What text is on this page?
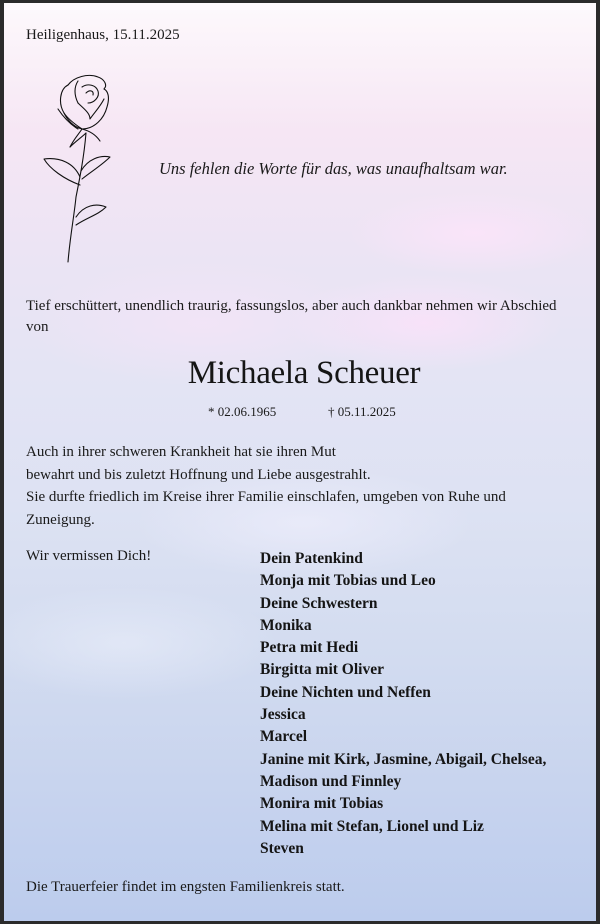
Heiligenhaus, 15.11.2025
Uns fehlen die Worte für das, was unaufhaltsam war.
Tief erschüttert, unendlich traurig, fassungslos, aber auch dankbar nehmen wir Abschied von
Michaela Scheuer
* 02.06.1965	† 05.11.2025
Auch in ihrer schweren Krankheit hat sie ihren Mut
bewahrt und bis zuletzt Hoffnung und Liebe ausgestrahlt.
Sie durfte friedlich im Kreise ihrer Familie einschlafen, umgeben von Ruhe und
Zuneigung.
Wir vermissen Dich!	Dein Patenkind
Monja mit Tobias und Leo
Deine Schwestern
Monika
Petra mit Hedi
Birgitta mit Oliver
Deine Nichten und Neffen
Jessica
Marcel
Janine mit Kirk, Jasmine, Abigail, Chelsea,
Madison und Finnley
Monira mit Tobias
Melina mit Stefan, Lionel und Liz
Steven
Die Trauerfeier findet im engsten Familienkreis statt.
